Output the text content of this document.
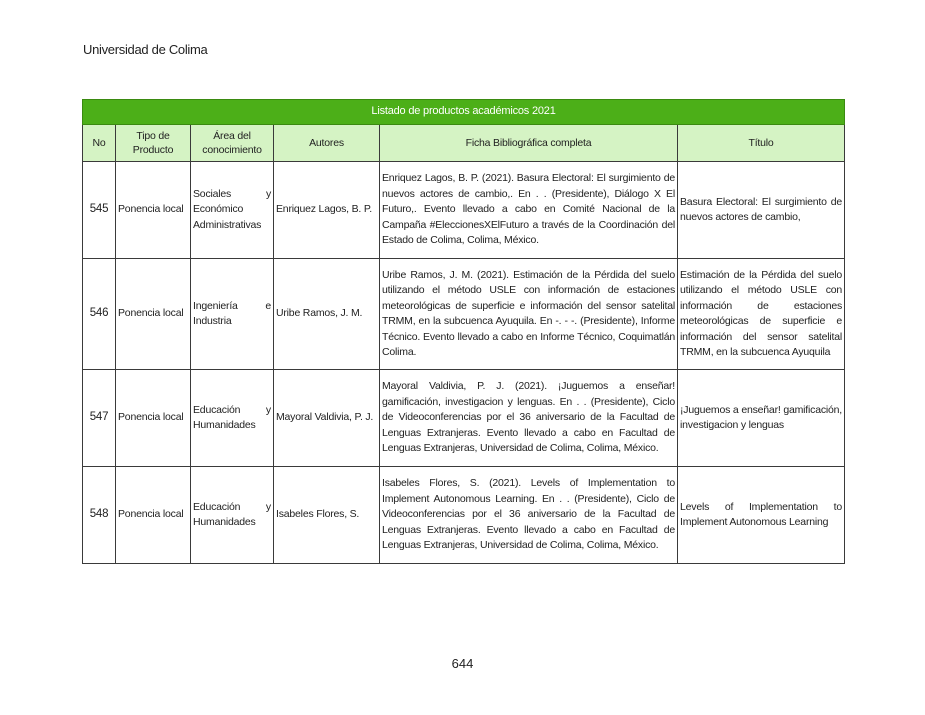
Universidad de Colima
Listado de productos académicos 2021					
No	Tipo de Producto	Área del conocimiento	Autores	Ficha Bibliográfica completa	Título
545	Ponencia local	Sociales y Económico Administrativas	Enriquez Lagos, B. P.	Enriquez Lagos, B. P. (2021). Basura Electoral: El surgimiento de nuevos actores de cambio,. En . . (Presidente), Diálogo X El Futuro,. Evento llevado a cabo en Comité Nacional de la Campaña #EleccionesXElFuturo a través de la Coordinación del Estado de Colima, Colima, México.	Basura Electoral: El surgimiento de nuevos actores de cambio,
546	Ponencia local	Ingeniería e Industria	Uribe Ramos, J. M.	Uribe Ramos, J. M. (2021). Estimación de la Pérdida del suelo utilizando el método USLE con información de estaciones meteorológicas de superficie e información del sensor satelital TRMM, en la subcuenca Ayuquila. En -. - -. (Presidente), Informe Técnico. Evento llevado a cabo en Informe Técnico, Coquimatlán Colima.	Estimación de la Pérdida del suelo utilizando el método USLE con información de estaciones meteorológicas de superficie e información del sensor satelital TRMM, en la subcuenca Ayuquila
547	Ponencia local	Educación y Humanidades	Mayoral Valdivia, P. J.	Mayoral Valdivia, P. J. (2021). ¡Juguemos a enseñar! gamificación, investigacion y lenguas. En . . (Presidente), Ciclo de Videoconferencias por el 36 aniversario de la Facultad de Lenguas Extranjeras. Evento llevado a cabo en Facultad de Lenguas Extranjeras, Universidad de Colima, Colima, México.	¡Juguemos a enseñar! gamificación, investigacion y lenguas
548	Ponencia local	Educación y Humanidades	Isabeles Flores, S.	Isabeles Flores, S. (2021). Levels of Implementation to Implement Autonomous Learning. En . . (Presidente), Ciclo de Videoconferencias por el 36 aniversario de la Facultad de Lenguas Extranjeras. Evento llevado a cabo en Facultad de Lenguas Extranjeras, Universidad de Colima, Colima, México.	Levels of Implementation to Implement Autonomous Learning
644
